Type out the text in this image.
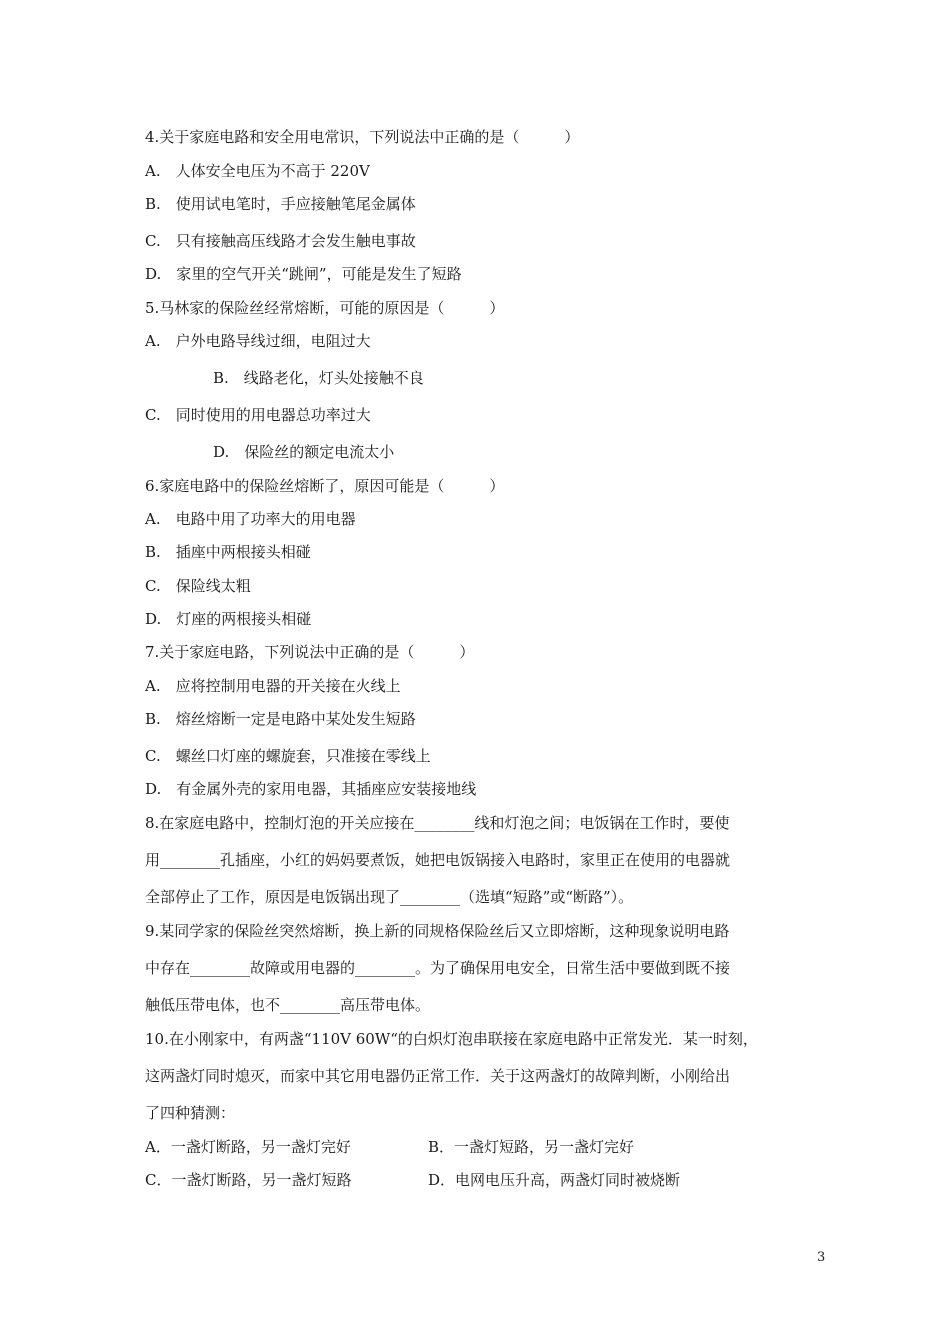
4.关于家庭电路和安全用电常识，下列说法中正确的是（　　　）
A.　人体安全电压为不高于 220V
B.　使用试电笔时，手应接触笔尾金属体
C.　只有接触高压线路才会发生触电事故
D.　家里的空气开关“跳闸”，可能是发生了短路
5.马林家的保险丝经常熔断，可能的原因是（　　　）
A.　户外电路导线过细，电阻过大
B.　线路老化，灯头处接触不良
C.　同时使用的用电器总功率过大
D.　保险丝的额定电流太小
6.家庭电路中的保险丝熔断了，原因可能是（　　　）
A.　电路中用了功率大的用电器
B.　插座中两根接头相碰
C.　保险线太粗
D.　灯座的两根接头相碰
7.关于家庭电路，下列说法中正确的是（　　　）
A.　应将控制用电器的开关接在火线上
B.　熔丝熔断一定是电路中某处发生短路
C.　螺丝口灯座的螺旋套，只准接在零线上
D.　有金属外壳的家用电器，其插座应安装接地线
8.在家庭电路中，控制灯泡的开关应接在________线和灯泡之间；电饭锅在工作时，要使
用________孔插座，小红的妈妈要煮饭，她把电饭锅接入电路时，家里正在使用的电器就
全部停止了工作，原因是电饭锅出现了________（选填“短路”或“断路”）。
9.某同学家的保险丝突然熔断，换上新的同规格保险丝后又立即熔断，这种现象说明电路
中存在________故障或用电器的________。为了确保用电安全，日常生活中要做到既不接
触低压带电体，也不________高压带电体。
10.在小刚家中，有两盏“110V 60W“的白炽灯泡串联接在家庭电路中正常发光．某一时刻，
这两盏灯同时熄灭，而家中其它用电器仍正常工作．关于这两盏灯的故障判断，小刚给出
了四种猜测：
A．一盏灯断路，另一盏灯完好	B．一盏灯短路，另一盏灯完好
C．一盏灯断路，另一盏灯短路	D．电网电压升高，两盏灯同时被烧断
3
